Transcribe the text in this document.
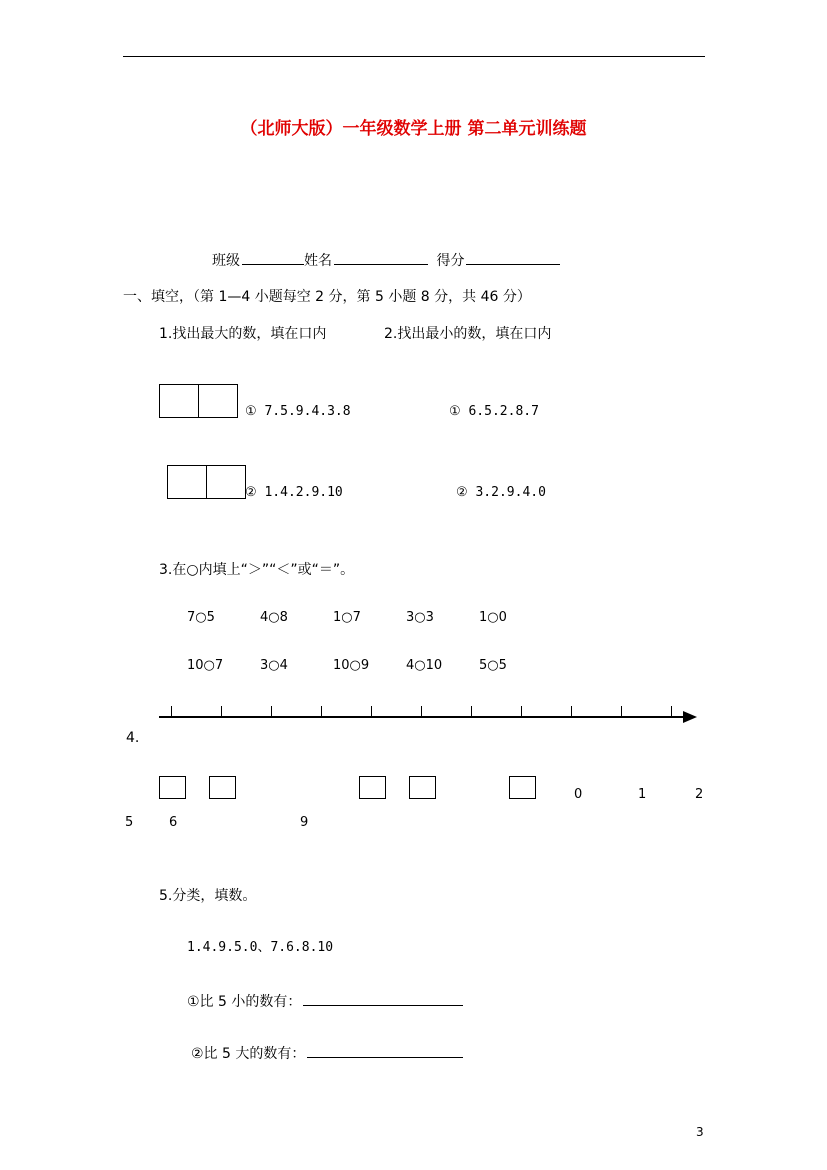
（北师大版）一年级数学上册 第二单元训练题
班级	姓名	得分
一、填空，（第 1—4 小题每空 2 分，第 5 小题 8 分，共 46 分）
1.找出最大的数，填在口内	2.找出最小的数，填在口内
① 7.5.9.4.3.8	① 6.5.2.8.7
② 1.4.2.9.10	② 3.2.9.4.0
3.在○内填上“＞”“＜”或“＝”。
7○5	4○8	1○7	3○3	1○0
10○7	3○4	10○9	4○10	5○5
4.
0	1	2
5	6	9
5.分类，填数。
1.4.9.5.0、7.6.8.10
①比 5 小的数有：
②比 5 大的数有：
3
